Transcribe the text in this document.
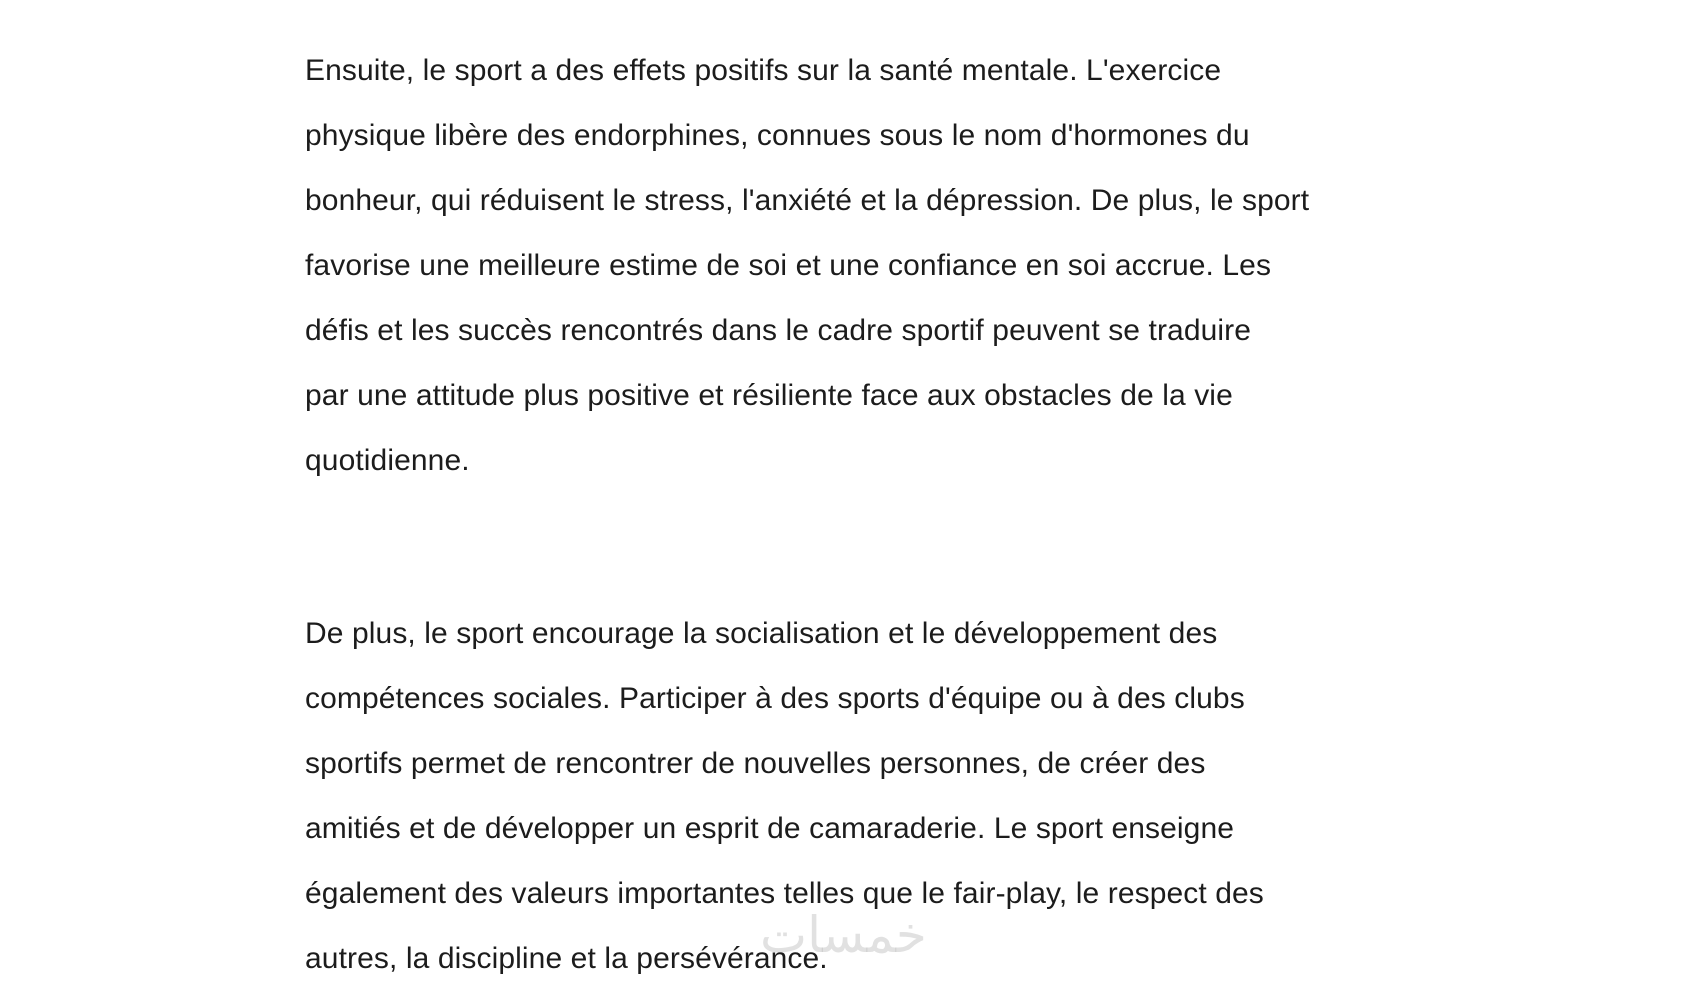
Ensuite, le sport a des effets positifs sur la santé mentale. L'exercice
physique libère des endorphines, connues sous le nom d'hormones du
bonheur, qui réduisent le stress, l'anxiété et la dépression. De plus, le sport
favorise une meilleure estime de soi et une confiance en soi accrue. Les
défis et les succès rencontrés dans le cadre sportif peuvent se traduire
par une attitude plus positive et résiliente face aux obstacles de la vie
quotidienne.

De plus, le sport encourage la socialisation et le développement des
compétences sociales. Participer à des sports d'équipe ou à des clubs
sportifs permet de rencontrer de nouvelles personnes, de créer des
amitiés et de développer un esprit de camaraderie. Le sport enseigne
également des valeurs importantes telles que le fair-play, le respect des
autres, la discipline et la persévérance.

خمسات
